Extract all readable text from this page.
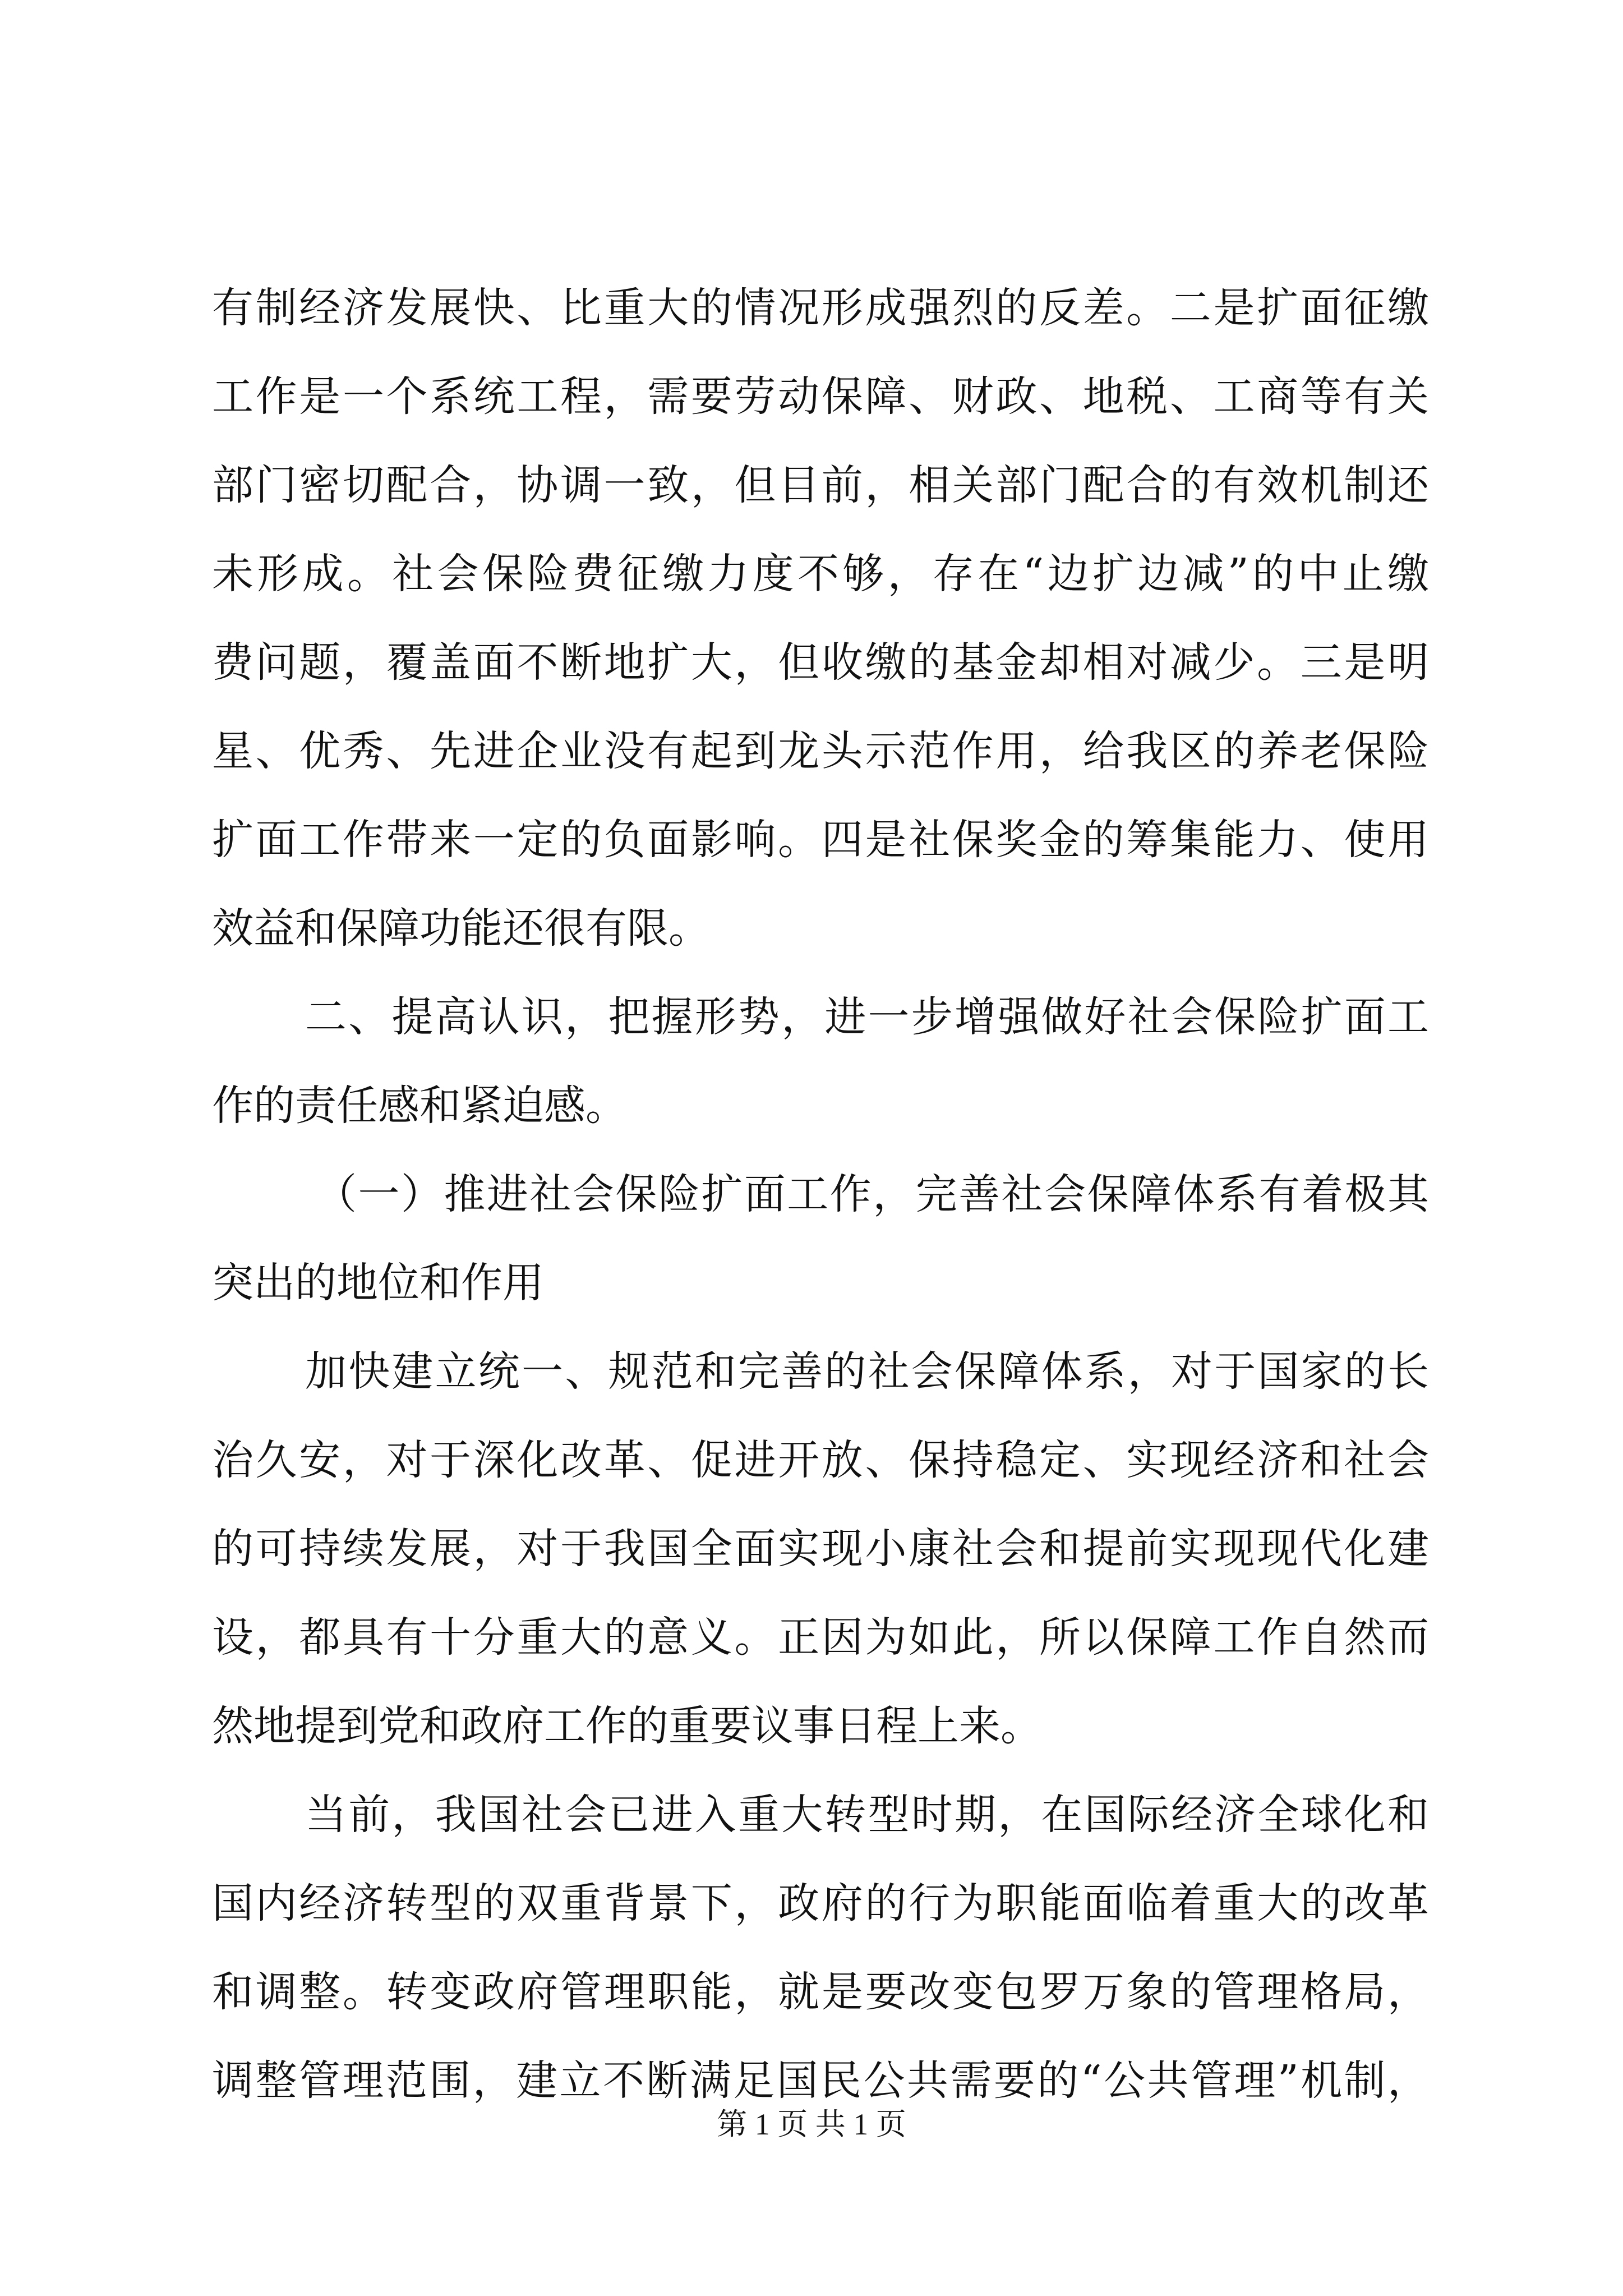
有制经济发展快、比重大的情况形成强烈的反差。二是扩面征缴
工作是一个系统工程，需要劳动保障、财政、地税、工商等有关
部门密切配合，协调一致，但目前，相关部门配合的有效机制还
未形成。社会保险费征缴力度不够，存在“边扩边减”的中止缴
费问题，覆盖面不断地扩大，但收缴的基金却相对减少。三是明
星、优秀、先进企业没有起到龙头示范作用，给我区的养老保险
扩面工作带来一定的负面影响。四是社保奖金的筹集能力、使用
效益和保障功能还很有限。
二、提高认识，把握形势，进一步增强做好社会保险扩面工
作的责任感和紧迫感。
（一）推进社会保险扩面工作，完善社会保障体系有着极其
突出的地位和作用
加快建立统一、规范和完善的社会保障体系，对于国家的长
治久安，对于深化改革、促进开放、保持稳定、实现经济和社会
的可持续发展，对于我国全面实现小康社会和提前实现现代化建
设，都具有十分重大的意义。正因为如此，所以保障工作自然而
然地提到党和政府工作的重要议事日程上来。
当前，我国社会已进入重大转型时期，在国际经济全球化和
国内经济转型的双重背景下，政府的行为职能面临着重大的改革
和调整。转变政府管理职能，就是要改变包罗万象的管理格局，
调整管理范围，建立不断满足国民公共需要的“公共管理”机制，
第 1 页 共 1 页
